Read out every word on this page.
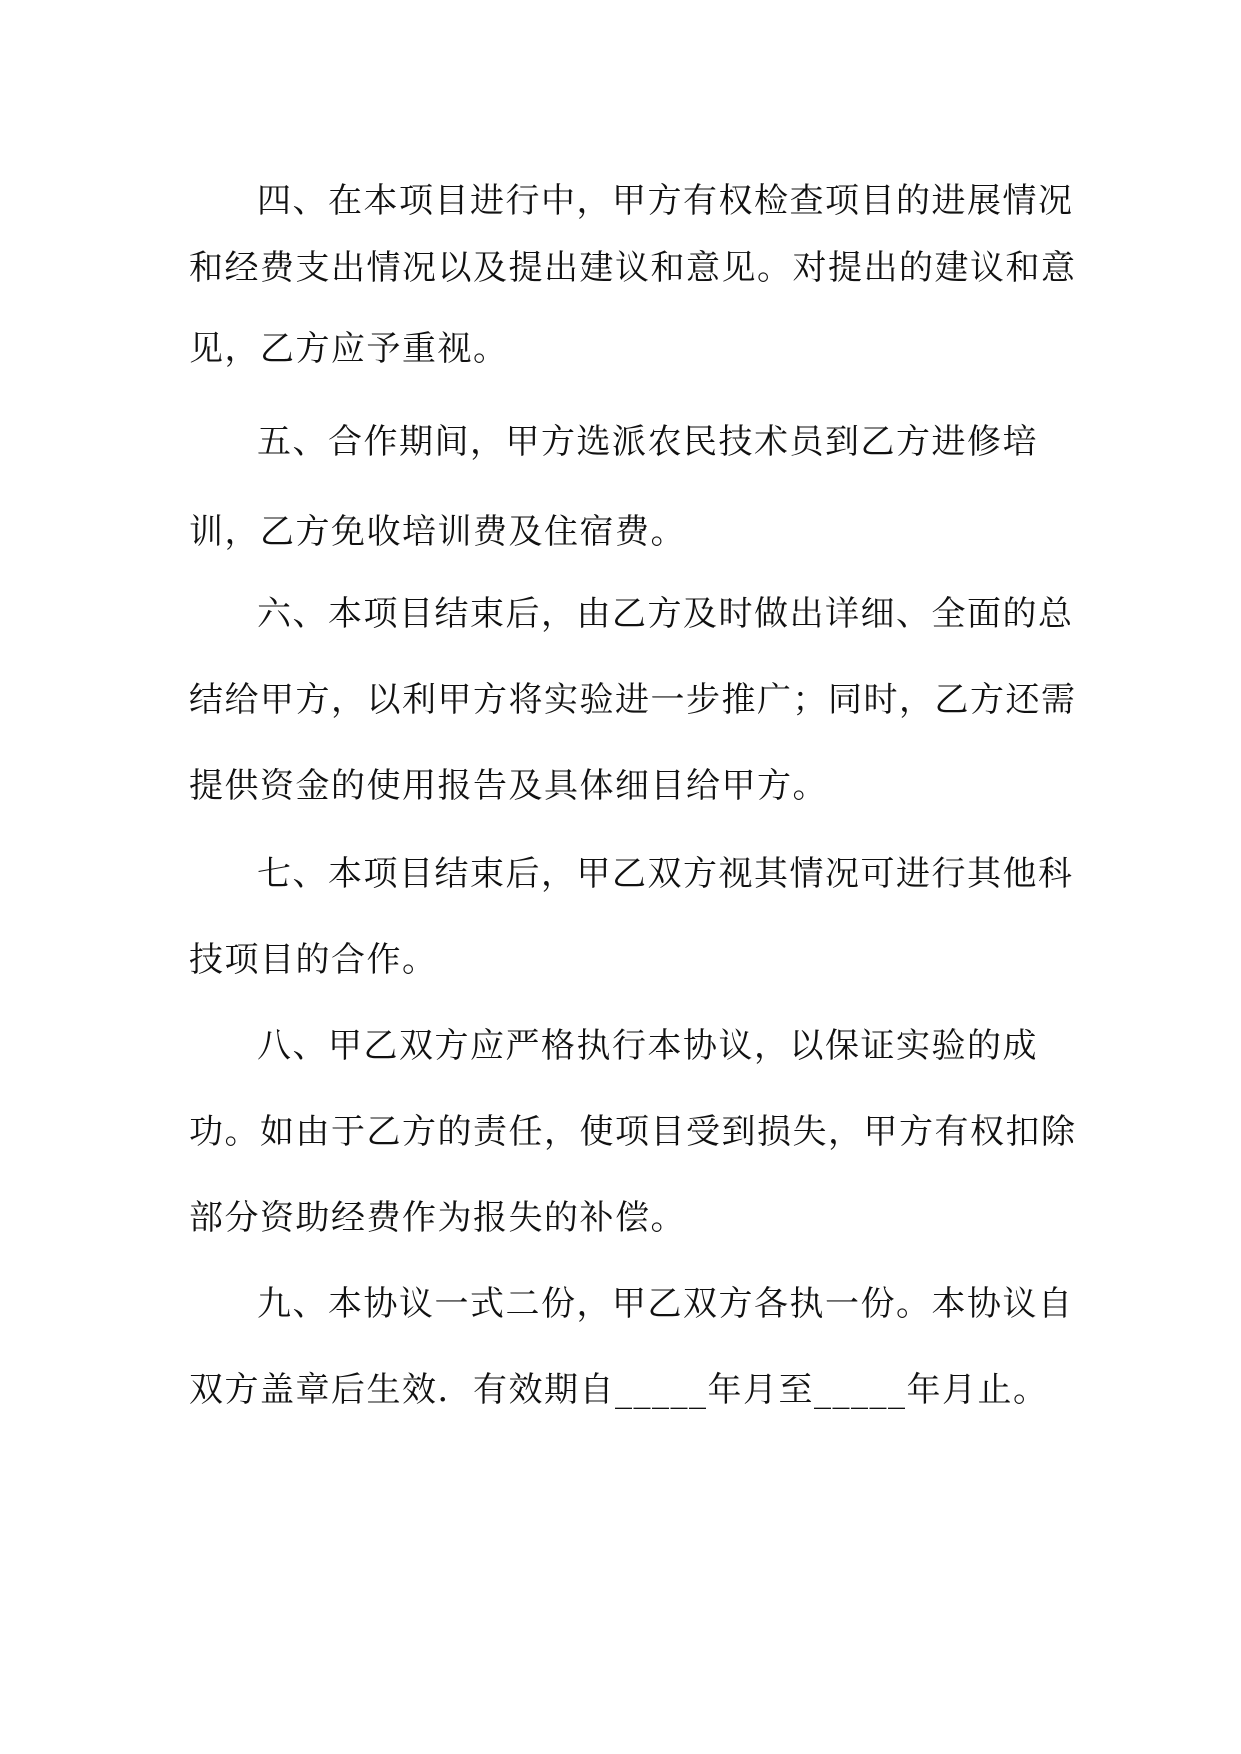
四、在本项目进行中，甲方有权检查项目的进展情况
和经费支出情况以及提出建议和意见。对提出的建议和意
见，乙方应予重视。
五、合作期间，甲方选派农民技术员到乙方进修培
训，乙方免收培训费及住宿费。
六、本项目结束后，由乙方及时做出详细、全面的总
结给甲方，以利甲方将实验进一步推广；同时，乙方还需
提供资金的使用报告及具体细目给甲方。
七、本项目结束后，甲乙双方视其情况可进行其他科
技项目的合作。
八、甲乙双方应严格执行本协议，以保证实验的成
功。如由于乙方的责任，使项目受到损失，甲方有权扣除
部分资助经费作为报失的补偿。
九、本协议一式二份，甲乙双方各执一份。本协议自
双方盖章后生效．有效期自_____年月至_____年月止。
